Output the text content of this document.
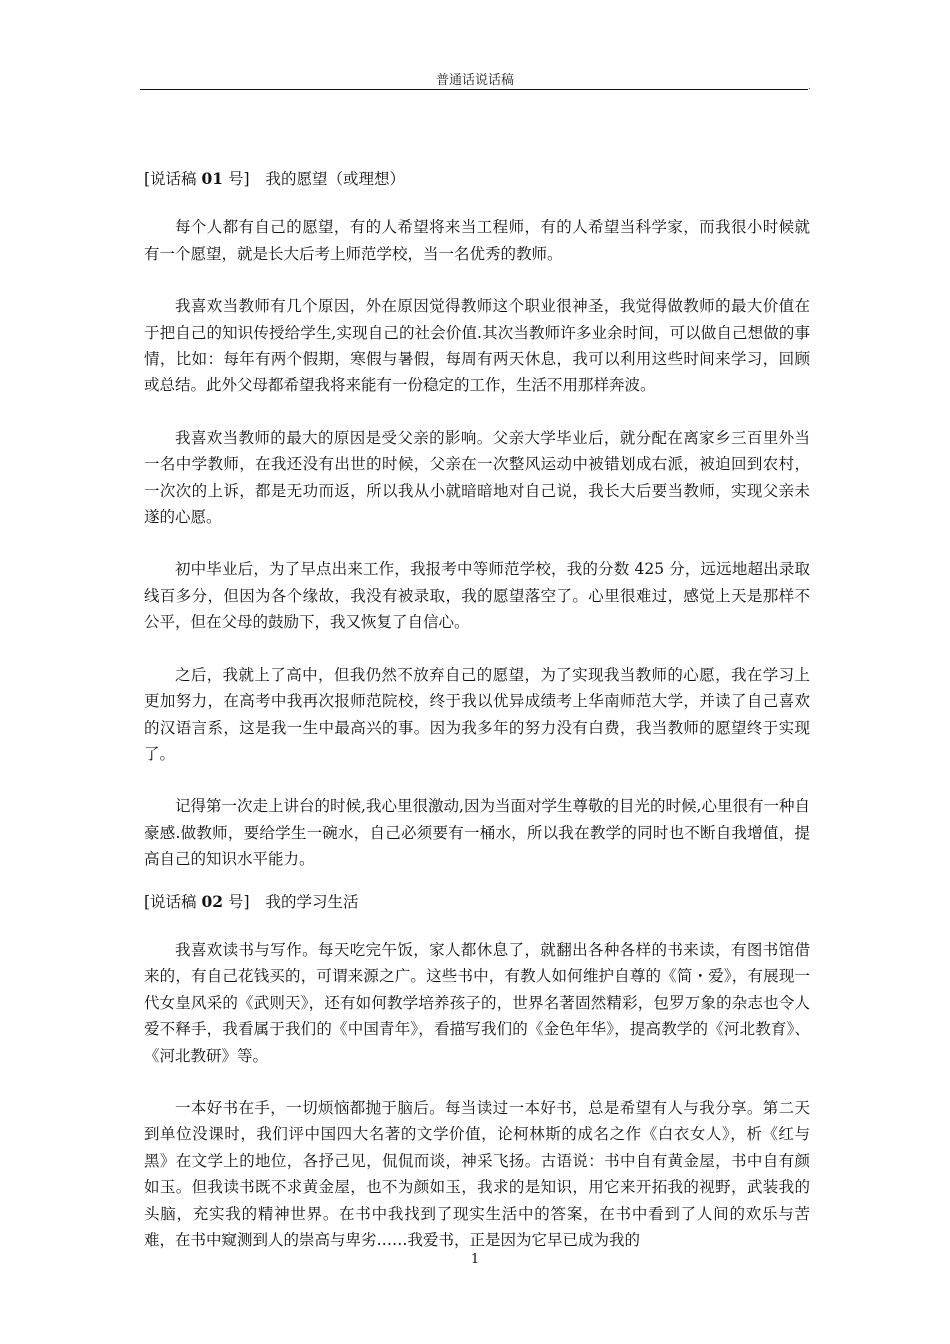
普通话说话稿	.
[说话稿 01 号] 我的愿望（或理想）

每个人都有自己的愿望，有的人希望将来当工程师，有的人希望当科学家，而我很小时候就有一个愿望，就是长大后考上师范学校，当一名优秀的教师。

我喜欢当教师有几个原因，外在原因觉得教师这个职业很神圣，我觉得做教师的最大价值在于把自己的知识传授给学生,实现自己的社会价值.其次当教师许多业余时间，可以做自己想做的事情，比如：每年有两个假期，寒假与暑假，每周有两天休息，我可以利用这些时间来学习，回顾或总结。此外父母都希望我将来能有一份稳定的工作，生活不用那样奔波。

我喜欢当教师的最大的原因是受父亲的影响。父亲大学毕业后，就分配在离家乡三百里外当一名中学教师，在我还没有出世的时候，父亲在一次整风运动中被错划成右派，被迫回到农村，一次次的上诉，都是无功而返，所以我从小就暗暗地对自己说，我长大后要当教师，实现父亲未遂的心愿。

初中毕业后，为了早点出来工作，我报考中等师范学校，我的分数 425 分，远远地超出录取线百多分，但因为各个缘故，我没有被录取，我的愿望落空了。心里很难过，感觉上天是那样不公平，但在父母的鼓励下，我又恢复了自信心。

之后，我就上了高中，但我仍然不放弃自己的愿望，为了实现我当教师的心愿，我在学习上更加努力，在高考中我再次报师范院校，终于我以优异成绩考上华南师范大学，并读了自己喜欢的汉语言系，这是我一生中最高兴的事。因为我多年的努力没有白费，我当教师的愿望终于实现了。

记得第一次走上讲台的时候,我心里很激动,因为当面对学生尊敬的目光的时候,心里很有一种自豪感.做教师，要给学生一碗水，自己必须要有一桶水，所以我在教学的同时也不断自我增值，提高自己的知识水平能力。

[说话稿 02 号] 我的学习生活

我喜欢读书与写作。每天吃完午饭，家人都休息了，就翻出各种各样的书来读，有图书馆借来的，有自己花钱买的，可谓来源之广。这些书中，有教人如何维护自尊的《简・爱》，有展现一代女皇风采的《武则天》，还有如何教学培养孩子的，世界名著固然精彩，包罗万象的杂志也令人爱不释手，我看属于我们的《中国青年》，看描写我们的《金色年华》，提高教学的《河北教育》、《河北教研》等。

一本好书在手，一切烦恼都抛于脑后。每当读过一本好书，总是希望有人与我分享。第二天到单位没课时，我们评中国四大名著的文学价值，论柯林斯的成名之作《白衣女人》，析《红与黑》在文学上的地位，各抒己见，侃侃而谈，神采飞扬。古语说：书中自有黄金屋，书中自有颜如玉。但我读书既不求黄金屋，也不为颜如玉，我求的是知识，用它来开拓我的视野，武装我的头脑，充实我的精神世界。在书中我找到了现实生活中的答案，在书中看到了人间的欢乐与苦难，在书中窥测到人的崇高与卑劣……我爱书，正是因为它早已成为我的

1
